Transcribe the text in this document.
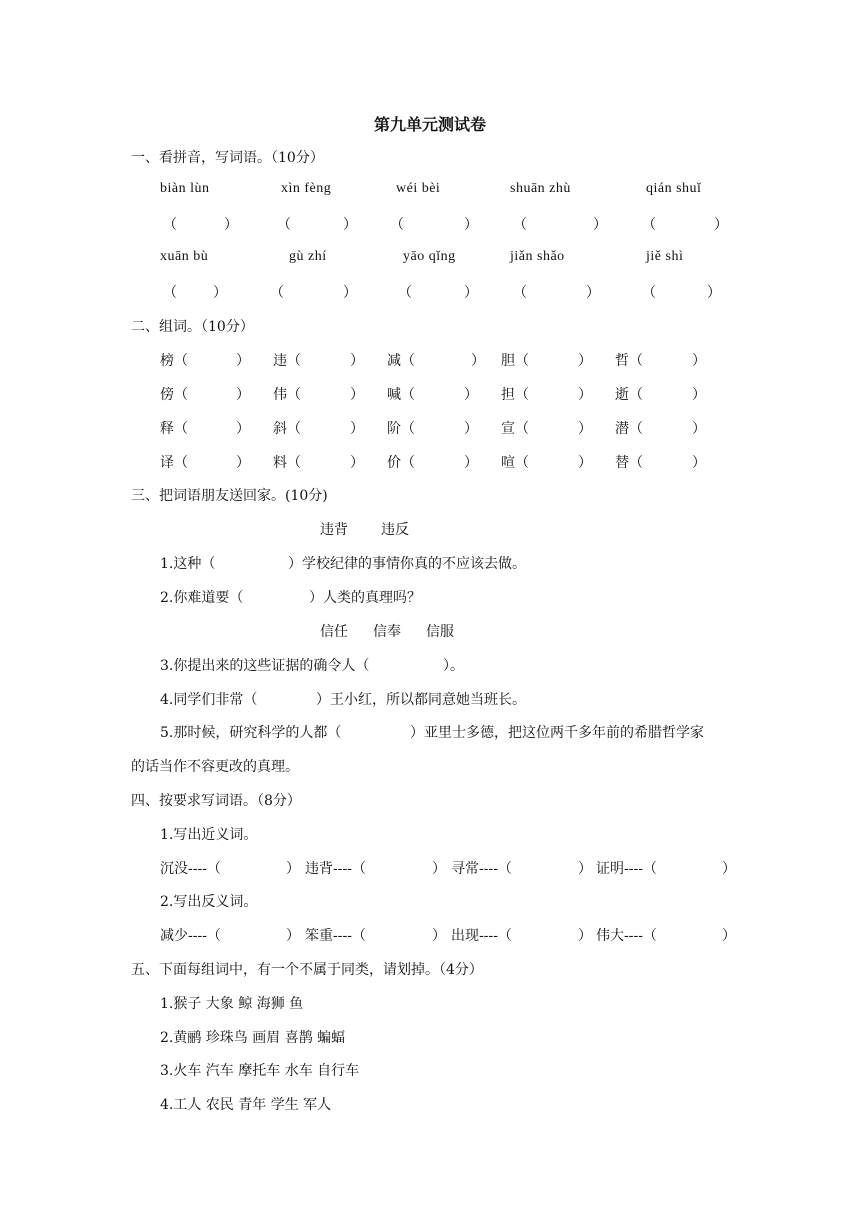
第九单元测试卷
一、看拼音，写词语。（10分）
biàn lùn	xìn fèng	wéi bèi	shuān zhù	qián shuǐ
（	）	（	） （	）	（	）	（	）
xuān bù	gù zhí	yāo qǐng	jiǎn shǎo	jiě shì
（	）	（	）	（	）	（	）	（	）
二、组词。（10分）
榜（	） 违（	） 减（	） 胆（	） 哲（	）
傍（	） 伟（	） 喊（	） 担（	） 逝（	）
释（	） 斜（	） 阶（	） 宣（	） 潜（	）
译（	） 料（	） 价（	） 喧（	） 替（	）
三、把词语朋友送回家。(10分)
违背 违反
1.这种（	）学校纪律的事情你真的不应该去做。
2.你难道要（	）人类的真理吗？
信任 信奉 信服
3.你提出来的这些证据的确令人（	）。
4.同学们非常（	）王小红，所以都同意她当班长。
5.那时候，研究科学的人都（	）亚里士多德，把这位两千多年前的希腊哲学家
的话当作不容更改的真理。
四、按要求写词语。（8分）
1.写出近义词。
沉没----（	） 违背----（	） 寻常----（	） 证明----（	）
2.写出反义词。
减少----（	） 笨重----（	） 出现----（	） 伟大----（	）
五、下面每组词中，有一个不属于同类，请划掉。（4分）
1.猴子 大象 鲸 海狮 鱼
2.黄鹂 珍珠鸟 画眉 喜鹊 蝙蝠
3.火车 汽车 摩托车 水车 自行车
4.工人 农民 青年 学生 军人
